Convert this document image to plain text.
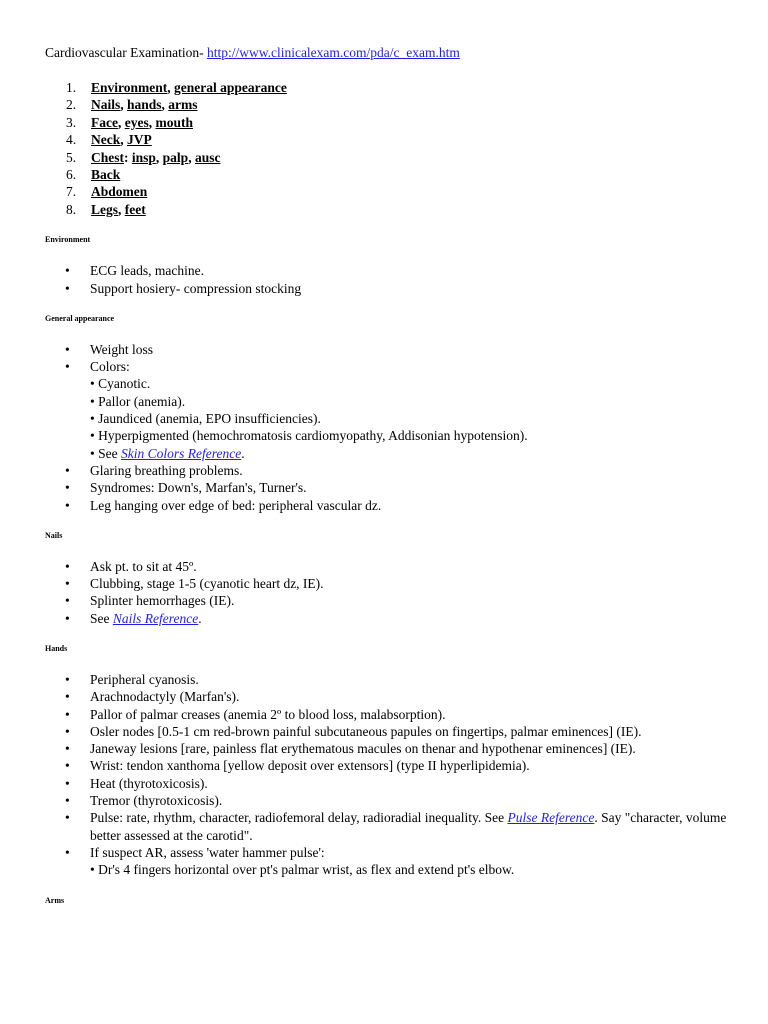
Cardiovascular Examination- http://www.clinicalexam.com/pda/c_exam.htm
1. Environment, general appearance
2. Nails, hands, arms
3. Face, eyes, mouth
4. Neck, JVP
5. Chest: insp, palp, ausc
6. Back
7. Abdomen
8. Legs, feet
Environment
• ECG leads, machine.
• Support hosiery- compression stocking
General appearance
• Weight loss
• Colors:
• Cyanotic.
• Pallor (anemia).
• Jaundiced (anemia, EPO insufficiencies).
• Hyperpigmented (hemochromatosis cardiomyopathy, Addisonian hypotension).
• See Skin Colors Reference.
• Glaring breathing problems.
• Syndromes: Down's, Marfan's, Turner's.
• Leg hanging over edge of bed: peripheral vascular dz.
Nails
• Ask pt. to sit at 45º.
• Clubbing, stage 1-5 (cyanotic heart dz, IE).
• Splinter hemorrhages (IE).
• See Nails Reference.
Hands
• Peripheral cyanosis.
• Arachnodactyly (Marfan's).
• Pallor of palmar creases (anemia 2º to blood loss, malabsorption).
• Osler nodes [0.5-1 cm red-brown painful subcutaneous papules on fingertips, palmar eminences] (IE).
• Janeway lesions [rare, painless flat erythematous macules on thenar and hypothenar eminences] (IE).
• Wrist: tendon xanthoma [yellow deposit over extensors] (type II hyperlipidemia).
• Heat (thyrotoxicosis).
• Tremor (thyrotoxicosis).
• Pulse: rate, rhythm, character, radiofemoral delay, radioradial inequality. See Pulse Reference. Say "character, volume better assessed at the carotid".
• If suspect AR, assess 'water hammer pulse':
• Dr's 4 fingers horizontal over pt's palmar wrist, as flex and extend pt's elbow.
Arms
